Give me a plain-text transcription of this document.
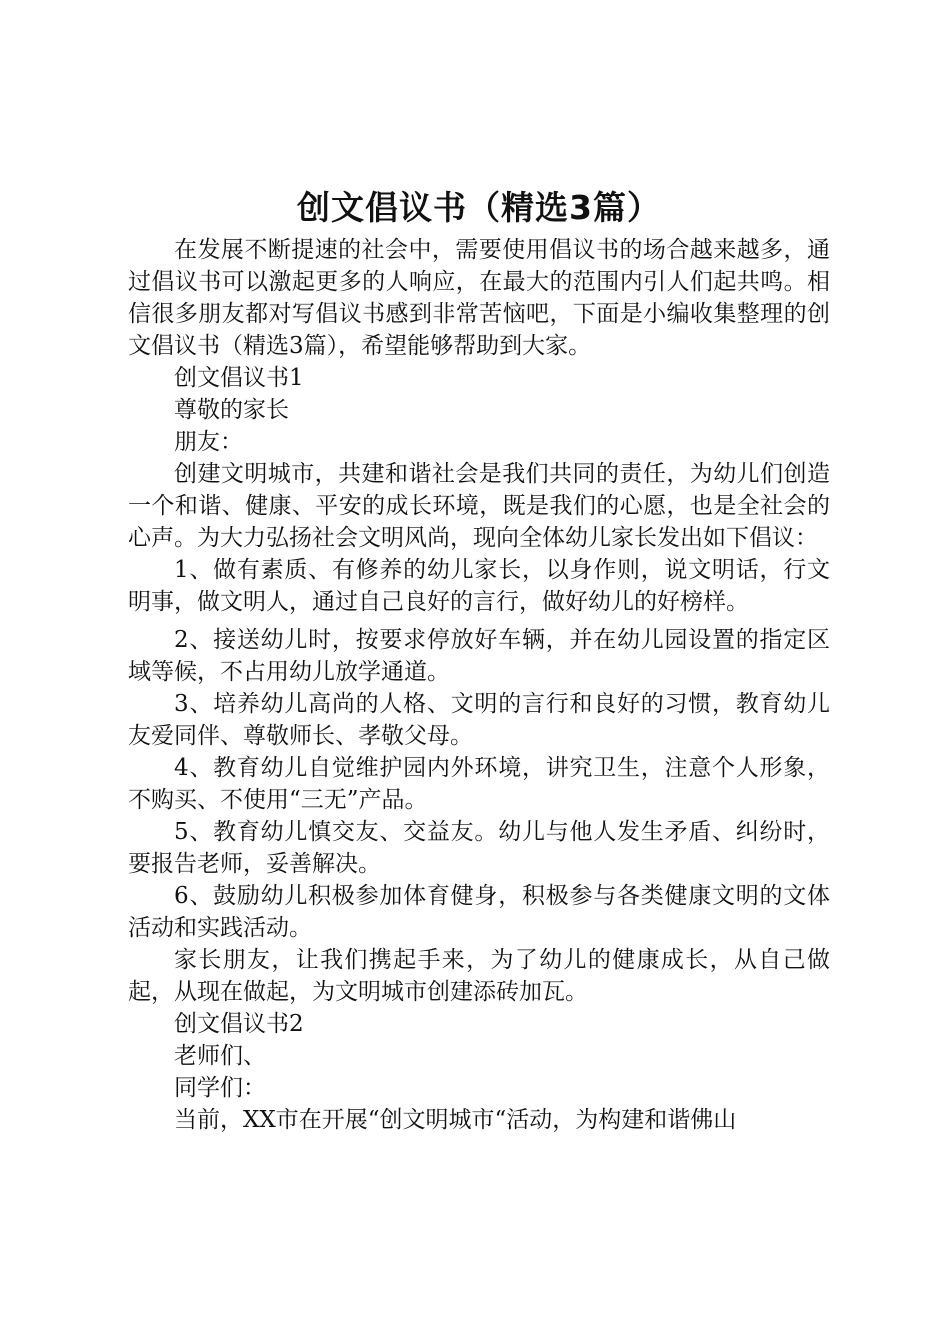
创文倡议书（精选3篇）

在发展不断提速的社会中，需要使用倡议书的场合越来越多，通过倡议书可以激起更多的人响应，在最大的范围内引人们起共鸣。相信很多朋友都对写倡议书感到非常苦恼吧，下面是小编收集整理的创文倡议书（精选3篇），希望能够帮助到大家。

创文倡议书1

尊敬的家长

朋友：

创建文明城市，共建和谐社会是我们共同的责任，为幼儿们创造一个和谐、健康、平安的成长环境，既是我们的心愿，也是全社会的心声。为大力弘扬社会文明风尚，现向全体幼儿家长发出如下倡议：

1、做有素质、有修养的幼儿家长，以身作则，说文明话，行文明事，做文明人，通过自己良好的言行，做好幼儿的好榜样。

2、接送幼儿时，按要求停放好车辆，并在幼儿园设置的指定区域等候，不占用幼儿放学通道。

3、培养幼儿高尚的人格、文明的言行和良好的习惯，教育幼儿友爱同伴、尊敬师长、孝敬父母。

4、教育幼儿自觉维护园内外环境，讲究卫生，注意个人形象，不购买、不使用“三无”产品。

5、教育幼儿慎交友、交益友。幼儿与他人发生矛盾、纠纷时，要报告老师，妥善解决。

6、鼓励幼儿积极参加体育健身，积极参与各类健康文明的文体活动和实践活动。

家长朋友，让我们携起手来，为了幼儿的健康成长，从自己做起，从现在做起，为文明城市创建添砖加瓦。

创文倡议书2

老师们、

同学们：

当前，XX市在开展“创文明城市“活动，为构建和谐佛山
